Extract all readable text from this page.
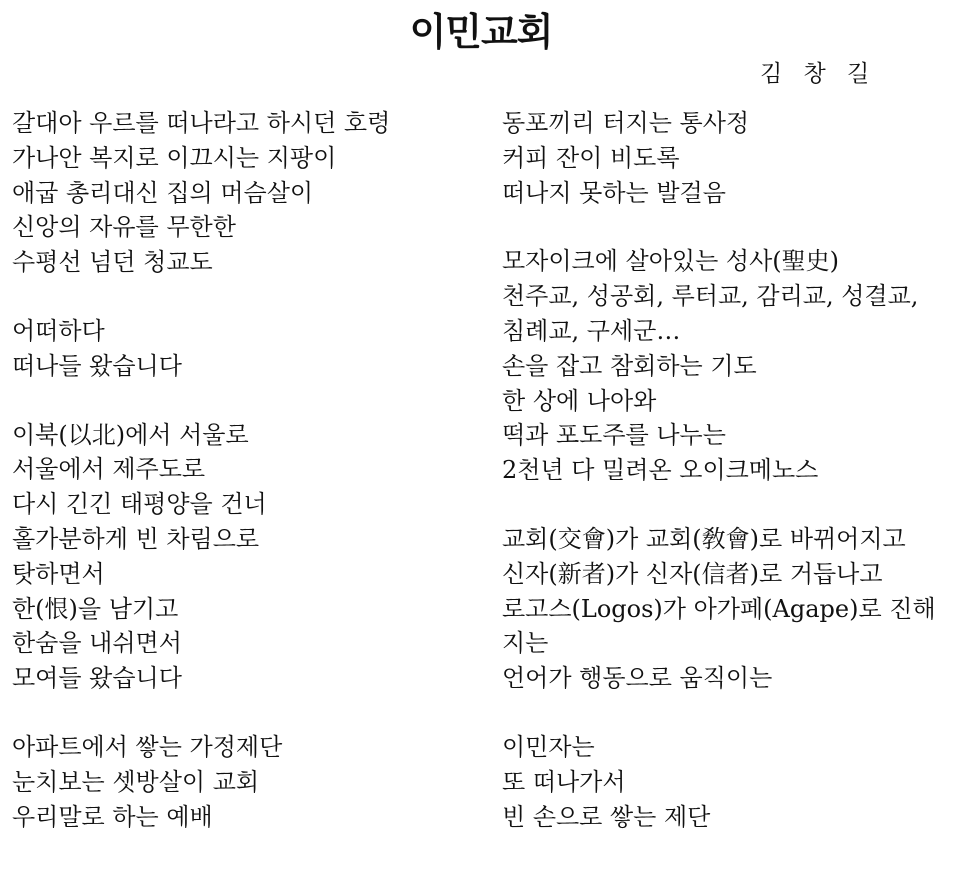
이민교회
김 창 길
갈대아 우르를 떠나라고 하시던 호령
가나안 복지로 이끄시는 지팡이
애굽 총리대신 집의 머슴살이
신앙의 자유를 무한한
수평선 넘던 청교도
어떠하다
떠나들 왔습니다
이북(以北)에서 서울로
서울에서 제주도로
다시 긴긴 태평양을 건너
홀가분하게 빈 차림으로
탓하면서
한(恨)을 남기고
한숨을 내쉬면서
모여들 왔습니다
아파트에서 쌓는 가정제단
눈치보는 셋방살이 교회
우리말로 하는 예배
동포끼리 터지는 통사정
커피 잔이 비도록
떠나지 못하는 발걸음
모자이크에 살아있는 성사(聖史)
천주교, 성공회, 루터교, 감리교, 성결교,
침례교, 구세군…
손을 잡고 참회하는 기도
한 상에 나아와
떡과 포도주를 나누는
2천년 다 밀려온 오이크메노스
교회(交會)가 교회(敎會)로 바뀌어지고
신자(新者)가 신자(信者)로 거듭나고
로고스(Logos)가 아가페(Agape)로 진해
지는
언어가 행동으로 움직이는
이민자는
또 떠나가서
빈 손으로 쌓는 제단
